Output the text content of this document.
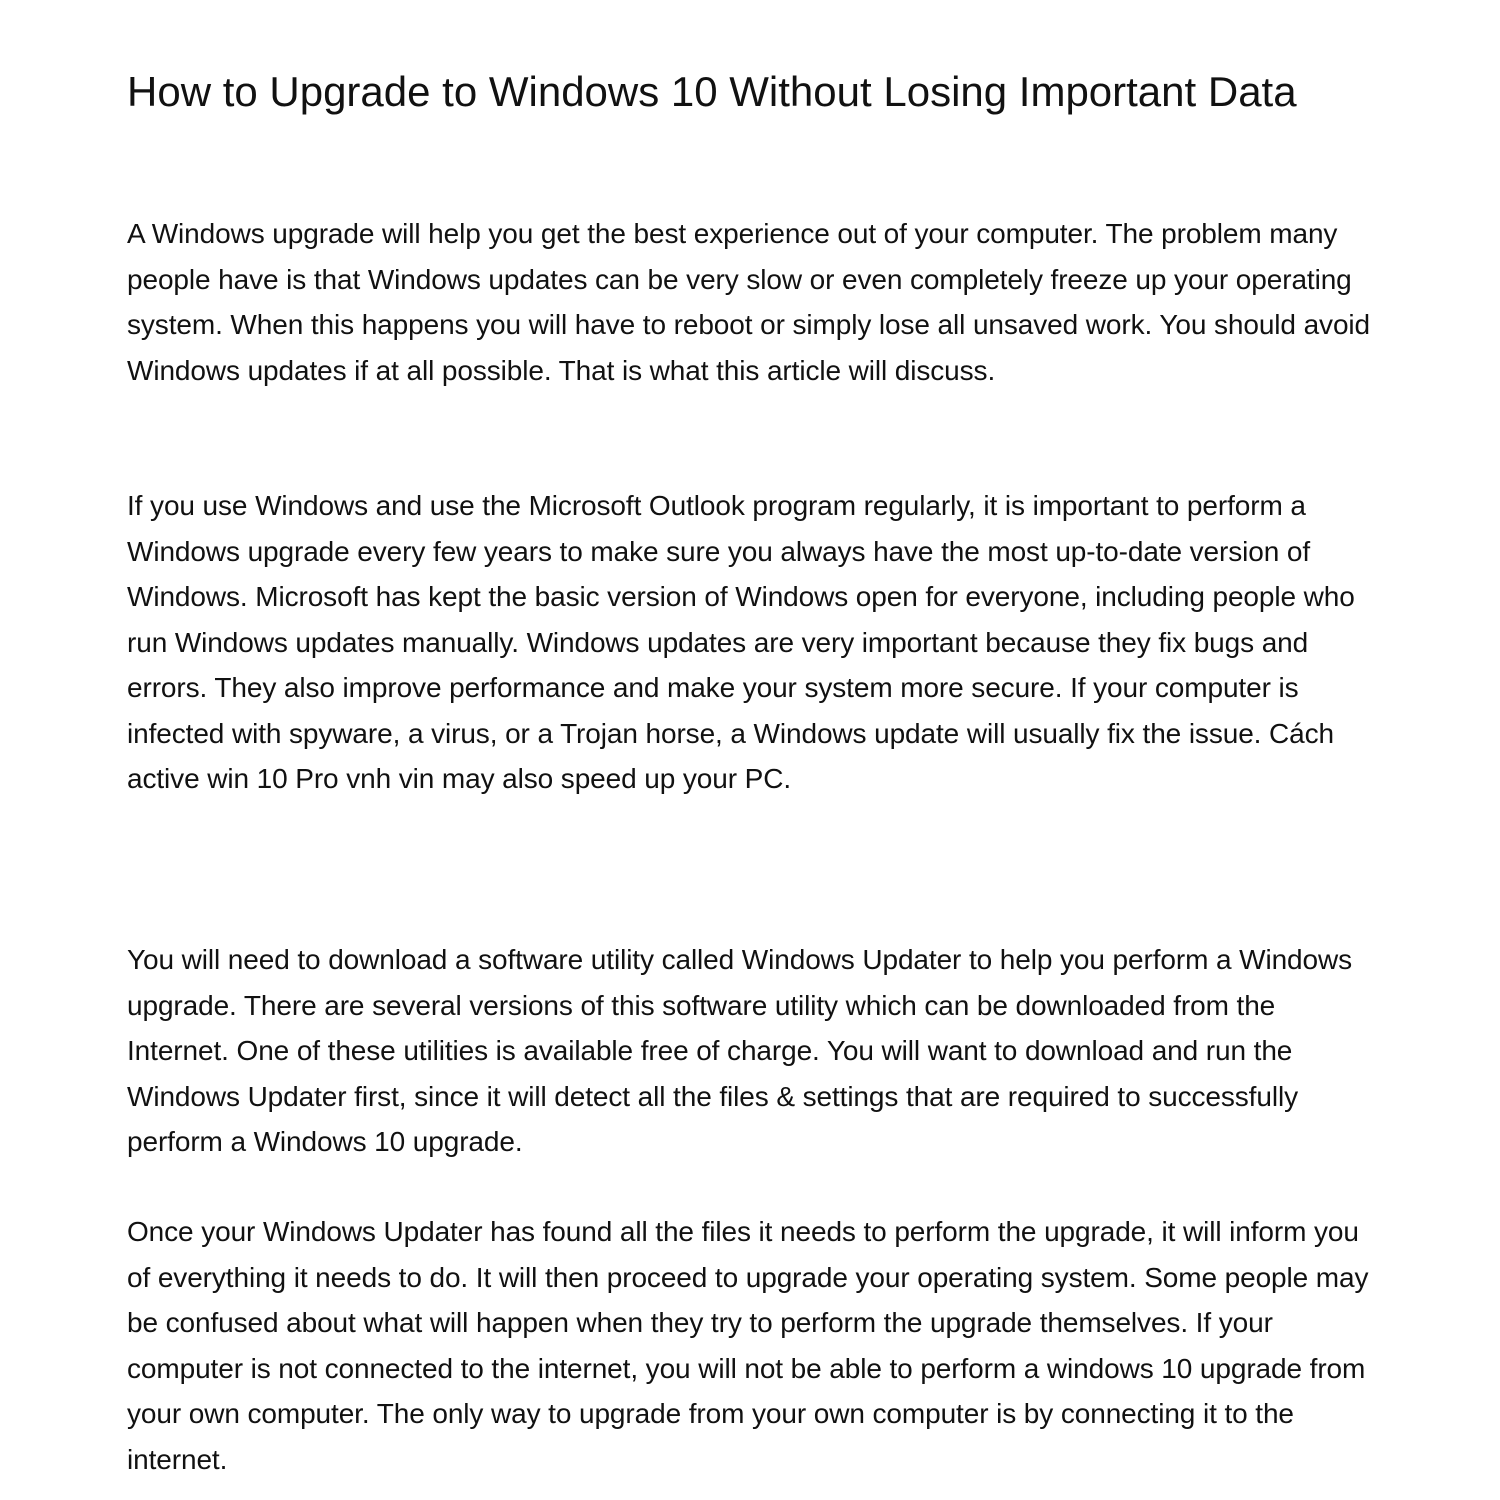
How to Upgrade to Windows 10 Without Losing Important Data

A Windows upgrade will help you get the best experience out of your computer. The problem many people have is that Windows updates can be very slow or even completely freeze up your operating system. When this happens you will have to reboot or simply lose all unsaved work. You should avoid Windows updates if at all possible. That is what this article will discuss.

If you use Windows and use the Microsoft Outlook program regularly, it is important to perform a Windows upgrade every few years to make sure you always have the most up-to-date version of Windows. Microsoft has kept the basic version of Windows open for everyone, including people who run Windows updates manually. Windows updates are very important because they fix bugs and errors. They also improve performance and make your system more secure. If your computer is infected with spyware, a virus, or a Trojan horse, a Windows update will usually fix the issue. Cách active win 10 Pro vnh vin may also speed up your PC.

You will need to download a software utility called Windows Updater to help you perform a Windows upgrade. There are several versions of this software utility which can be downloaded from the Internet. One of these utilities is available free of charge. You will want to download and run the Windows Updater first, since it will detect all the files & settings that are required to successfully perform a Windows 10 upgrade.

Once your Windows Updater has found all the files it needs to perform the upgrade, it will inform you of everything it needs to do. It will then proceed to upgrade your operating system. Some people may be confused about what will happen when they try to perform the upgrade themselves. If your computer is not connected to the internet, you will not be able to perform a windows 10 upgrade from your own computer. The only way to upgrade from your own computer is by connecting it to the internet.
